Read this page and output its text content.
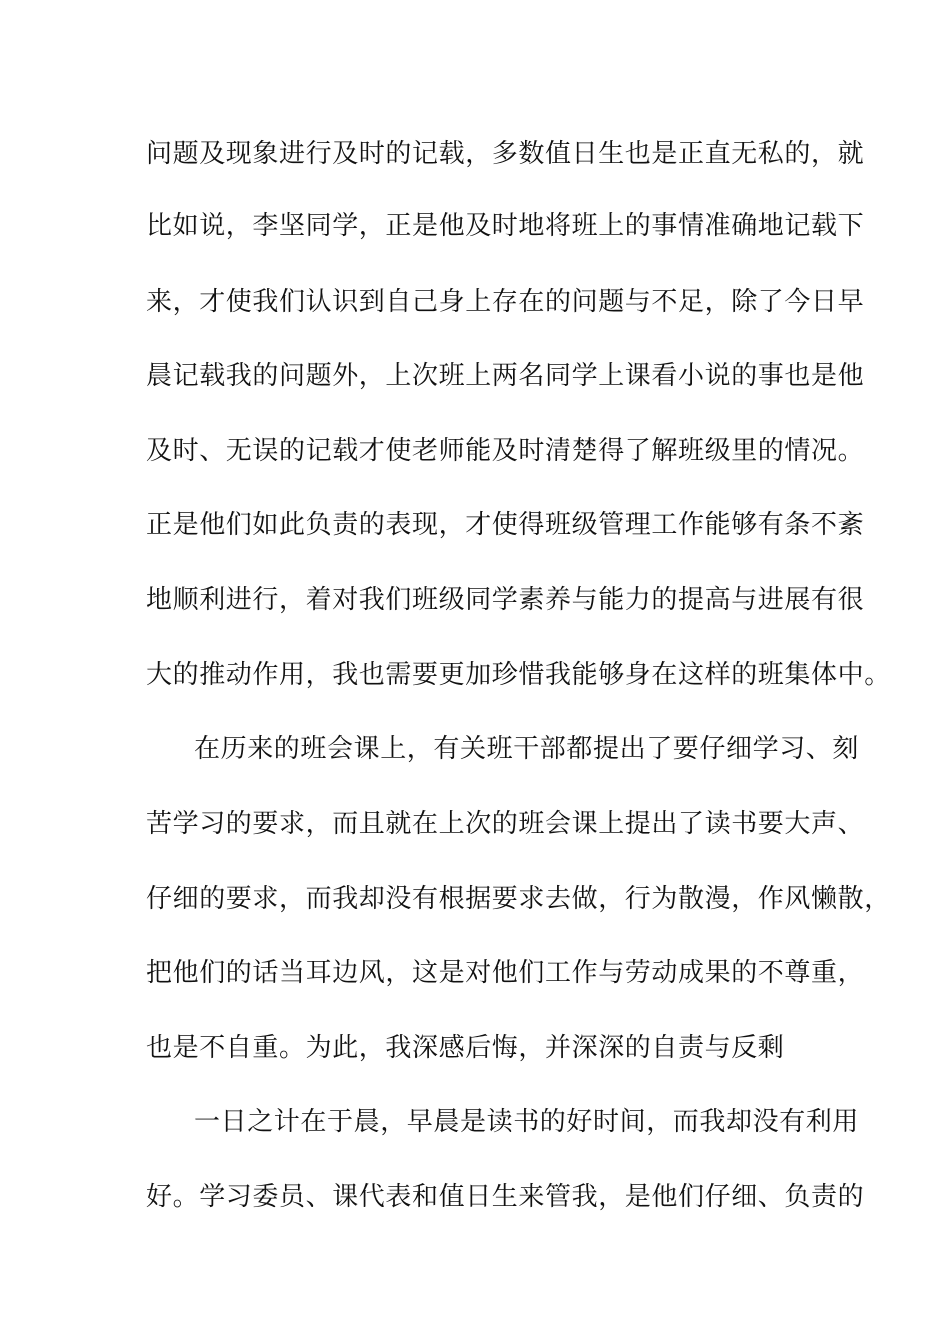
问题及现象进行及时的记载，多数值日生也是正直无私的，就
比如说，李坚同学，正是他及时地将班上的事情准确地记载下
来，才使我们认识到自己身上存在的问题与不足，除了今日早
晨记载我的问题外，上次班上两名同学上课看小说的事也是他
及时、无误的记载才使老师能及时清楚得了解班级里的情况。
正是他们如此负责的表现，才使得班级管理工作能够有条不紊
地顺利进行，着对我们班级同学素养与能力的提高与进展有很
大的推动作用，我也需要更加珍惜我能够身在这样的班集体中。
在历来的班会课上，有关班干部都提出了要仔细学习、刻
苦学习的要求，而且就在上次的班会课上提出了读书要大声、
仔细的要求，而我却没有根据要求去做，行为散漫，作风懒散，
把他们的话当耳边风，这是对他们工作与劳动成果的不尊重，
也是不自重。为此，我深感后悔，并深深的自责与反剩
一日之计在于晨，早晨是读书的好时间，而我却没有利用
好。学习委员、课代表和值日生来管我，是他们仔细、负责的
